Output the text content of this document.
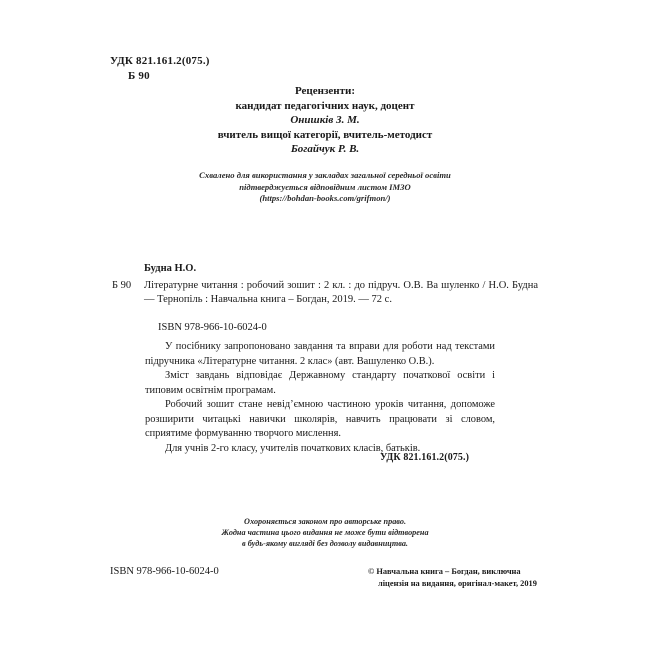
УДК 821.161.2(075.)
Б 90
Рецензенти:
кандидат педагогічних наук, доцент
Онишків З. М.
вчитель вищої категорії, вчитель-методист
Богайчук Р. В.
Схвалено для використання у закладах загальної середньої освіти
підтверджується відповідним листом ІМЗО
(https://bohdan-books.com/grifmon/)
Будна Н.О.
Б 90	Літературне читання : робочий зошит : 2 кл. : до підруч. О.В. Ва шуленко / Н.О. Будна — Тернопіль : Навчальна книга – Богдан, 2019. — 72 с.
ISBN 978-966-10-6024-0

У посібнику запропоновано завдання та вправи для роботи над текстами підручника «Літературне читання. 2 клас» (авт. Вашуленко О.В.).

Зміст завдань відповідає Державному стандарту початкової освіти і типовим освітнім програмам.

Робочий зошит стане невід’ємною частиною уроків читання, допоможе розширити читацькі навички школярів, навчить працювати зі словом, сприятиме формуванню творчого мислення.

Для учнів 2-го класу, учителів початкових класів, батьків.

УДК 821.161.2(075.)
Охороняється законом про авторське право.
Жодна частина цього видання не може бути відтворена
в будь-якому вигляді без дозволу видавництва.
ISBN 978-966-10-6024-0	© Навчальна книга – Богдан, виключна
ліцензія на видання, оригінал-макет, 2019
